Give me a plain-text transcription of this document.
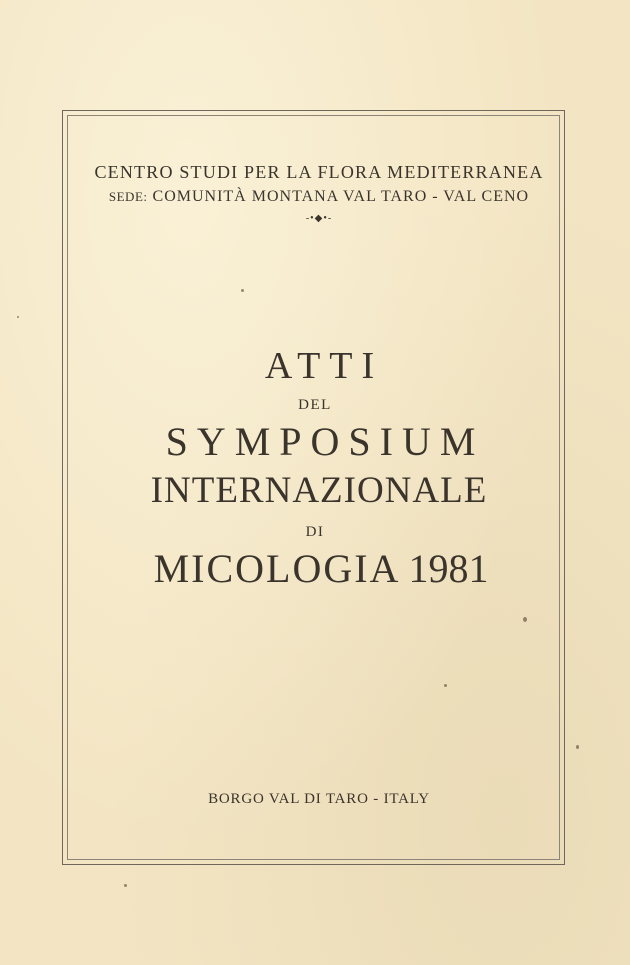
CENTRO STUDI PER LA FLORA MEDITERRANEA
SEDE: COMUNITÀ MONTANA VAL TARO - VAL CENO
-•◆•-
ATTI
DEL
SYMPOSIUM
INTERNAZIONALE
DI
MICOLOGIA 1981
BORGO VAL DI TARO - ITALY
